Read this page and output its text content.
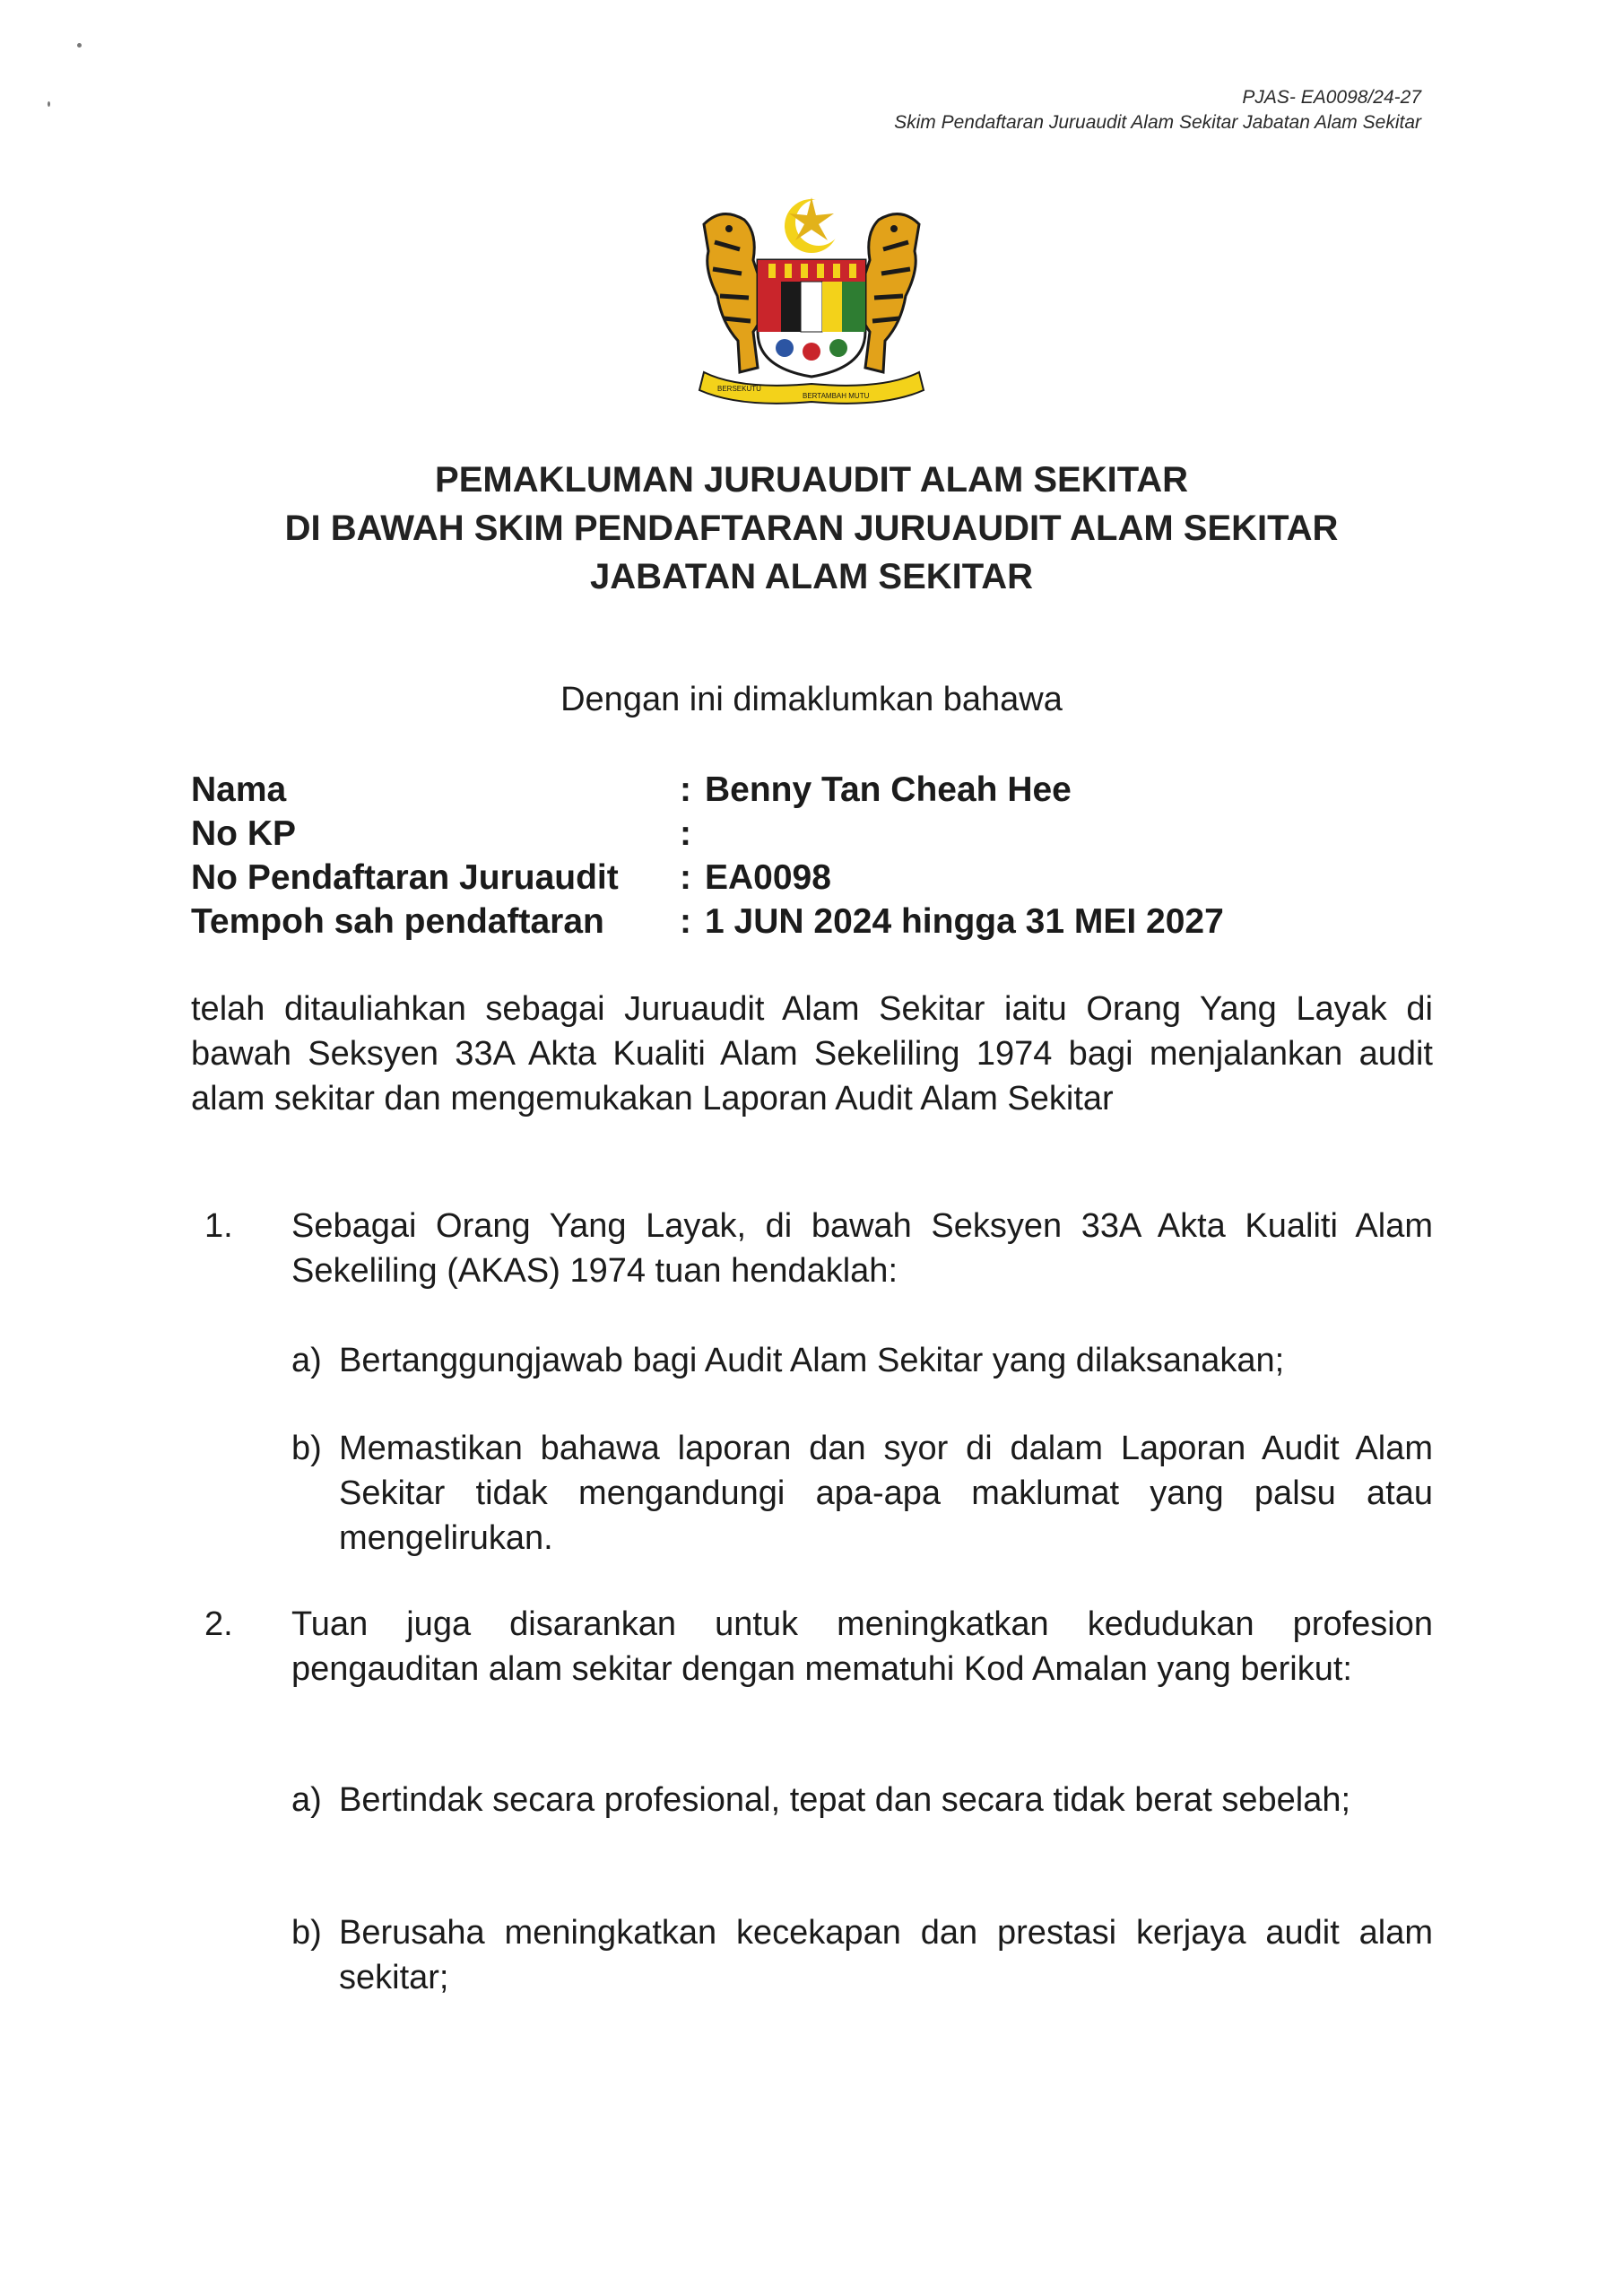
PJAS- EA0098/24-27
Skim Pendaftaran Juruaudit Alam Sekitar Jabatan Alam Sekitar
BERSEKUTU
BERTAMBAH MUTU
PEMAKLUMAN JURUAUDIT ALAM SEKITAR
DI BAWAH SKIM PENDAFTARAN JURUAUDIT ALAM SEKITAR
JABATAN ALAM SEKITAR
Dengan ini dimaklumkan bahawa
Nama	: Benny Tan Cheah Hee
No KP	:
No Pendaftaran Juruaudit	: EA0098
Tempoh sah pendaftaran	: 1 JUN 2024 hingga 31 MEI 2027
telah ditauliahkan sebagai Juruaudit Alam Sekitar iaitu Orang Yang Layak di bawah Seksyen 33A Akta Kualiti Alam Sekeliling 1974 bagi menjalankan audit alam sekitar dan mengemukakan Laporan Audit Alam Sekitar
1. Sebagai Orang Yang Layak, di bawah Seksyen 33A Akta Kualiti Alam Sekeliling (AKAS) 1974 tuan hendaklah:
a) Bertanggungjawab bagi Audit Alam Sekitar yang dilaksanakan;
b) Memastikan bahawa laporan dan syor di dalam Laporan Audit Alam Sekitar tidak mengandungi apa-apa maklumat yang palsu atau mengelirukan.
2. Tuan juga disarankan untuk meningkatkan kedudukan profesion pengauditan alam sekitar dengan mematuhi Kod Amalan yang berikut:
a) Bertindak secara profesional, tepat dan secara tidak berat sebelah;
b) Berusaha meningkatkan kecekapan dan prestasi kerjaya audit alam sekitar;
